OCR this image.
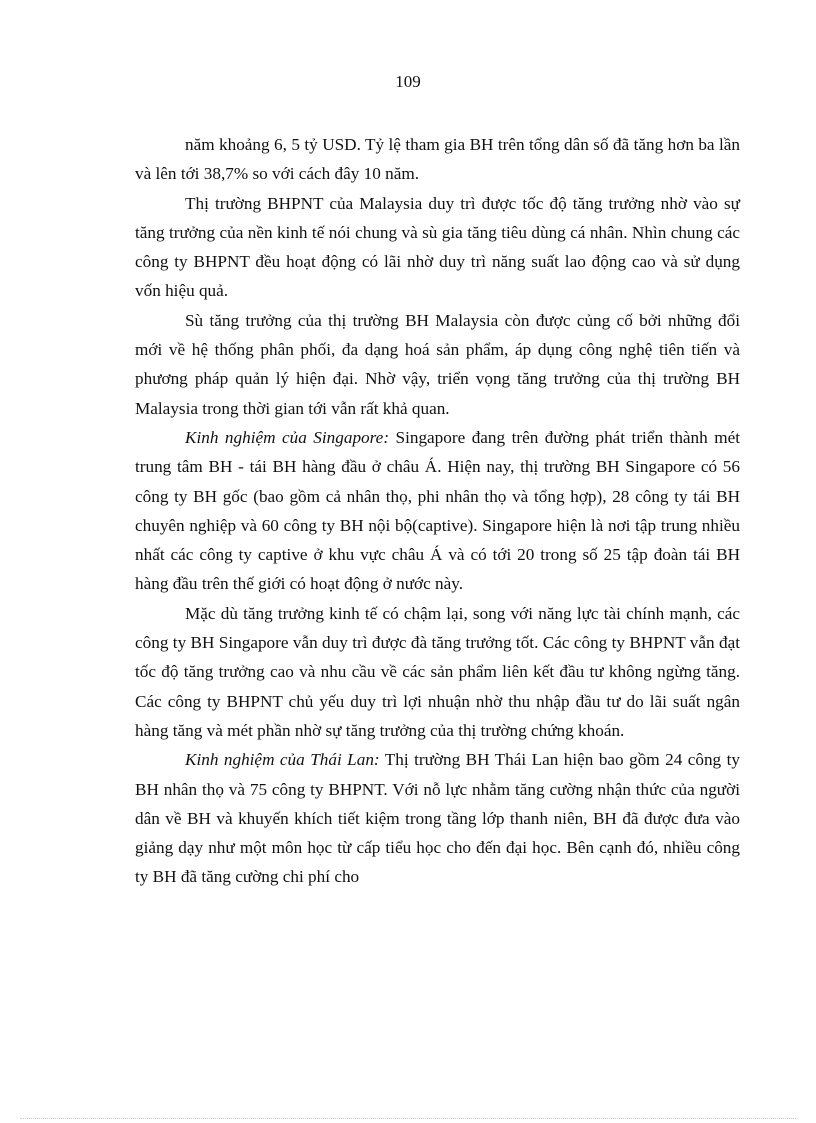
109

năm khoảng 6, 5 tỷ USD. Tỷ lệ tham gia BH trên tổng dân số đã tăng hơn ba lần và lên tới 38,7% so với cách đây 10 năm.

Thị trường BHPNT của Malaysia duy trì được tốc độ tăng trưởng nhờ vào sự tăng trưởng của nền kinh tế nói chung và sù gia tăng tiêu dùng cá nhân. Nhìn chung các công ty BHPNT đều hoạt động có lãi nhờ duy trì năng suất lao động cao và sử dụng vốn hiệu quả.

Sù tăng trưởng của thị trường BH Malaysia còn được củng cố bởi những đổi mới về hệ thống phân phối, đa dạng hoá sản phẩm, áp dụng công nghệ tiên tiến và phương pháp quản lý hiện đại. Nhờ vậy, triển vọng tăng trưởng của thị trường BH Malaysia trong thời gian tới vẫn rất khả quan.

Kinh nghiệm của Singapore: Singapore đang trên đường phát triển thành mét trung tâm BH - tái BH hàng đầu ở châu Á. Hiện nay, thị trường BH Singapore có 56 công ty BH gốc (bao gồm cả nhân thọ, phi nhân thọ và tổng hợp), 28 công ty tái BH chuyên nghiệp và 60 công ty BH nội bộ(captive). Singapore hiện là nơi tập trung nhiều nhất các công ty captive ở khu vực châu Á và có tới 20 trong số 25 tập đoàn tái BH hàng đầu trên thế giới có hoạt động ở nước này.

Mặc dù tăng trưởng kinh tế có chậm lại, song với năng lực tài chính mạnh, các công ty BH Singapore vẫn duy trì được đà tăng trưởng tốt. Các công ty BHPNT vẫn đạt tốc độ tăng trưởng cao và nhu cầu về các sản phẩm liên kết đầu tư không ngừng tăng. Các công ty BHPNT chủ yếu duy trì lợi nhuận nhờ thu nhập đầu tư do lãi suất ngân hàng tăng và mét phần nhờ sự tăng trưởng của thị trường chứng khoán.

Kinh nghiệm của Thái Lan: Thị trường BH Thái Lan hiện bao gồm 24 công ty BH nhân thọ và 75 công ty BHPNT. Với nỗ lực nhằm tăng cường nhận thức của người dân về BH và khuyến khích tiết kiệm trong tầng lớp thanh niên, BH đã được đưa vào giảng dạy như một môn học từ cấp tiểu học cho đến đại học. Bên cạnh đó, nhiều công ty BH đã tăng cường chi phí cho
